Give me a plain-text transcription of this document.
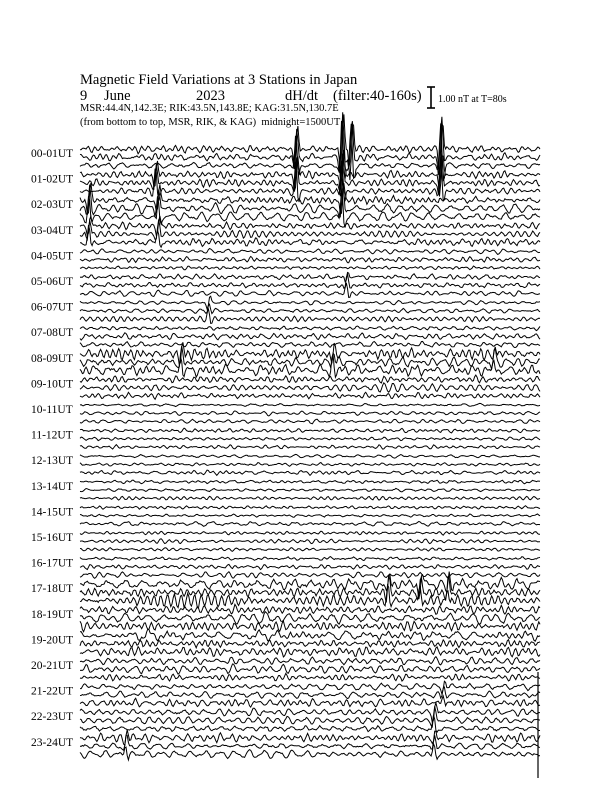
Magnetic Field Variations at 3 Stations in Japan
9 June	2023	dH/dt (filter:40-160s)
MSR:44.4N,142.3E; RIK:43.5N,143.8E; KAG:31.5N,130.7E
(from bottom to top, MSR, RIK, & KAG) midnight=1500UT
1.00 nT at T=80s
00-01UT
01-02UT
02-03UT
03-04UT
04-05UT
05-06UT
06-07UT
07-08UT
08-09UT
09-10UT
10-11UT
11-12UT
12-13UT
13-14UT
14-15UT
15-16UT
16-17UT
17-18UT
18-19UT
19-20UT
20-21UT
21-22UT
22-23UT
23-24UT
